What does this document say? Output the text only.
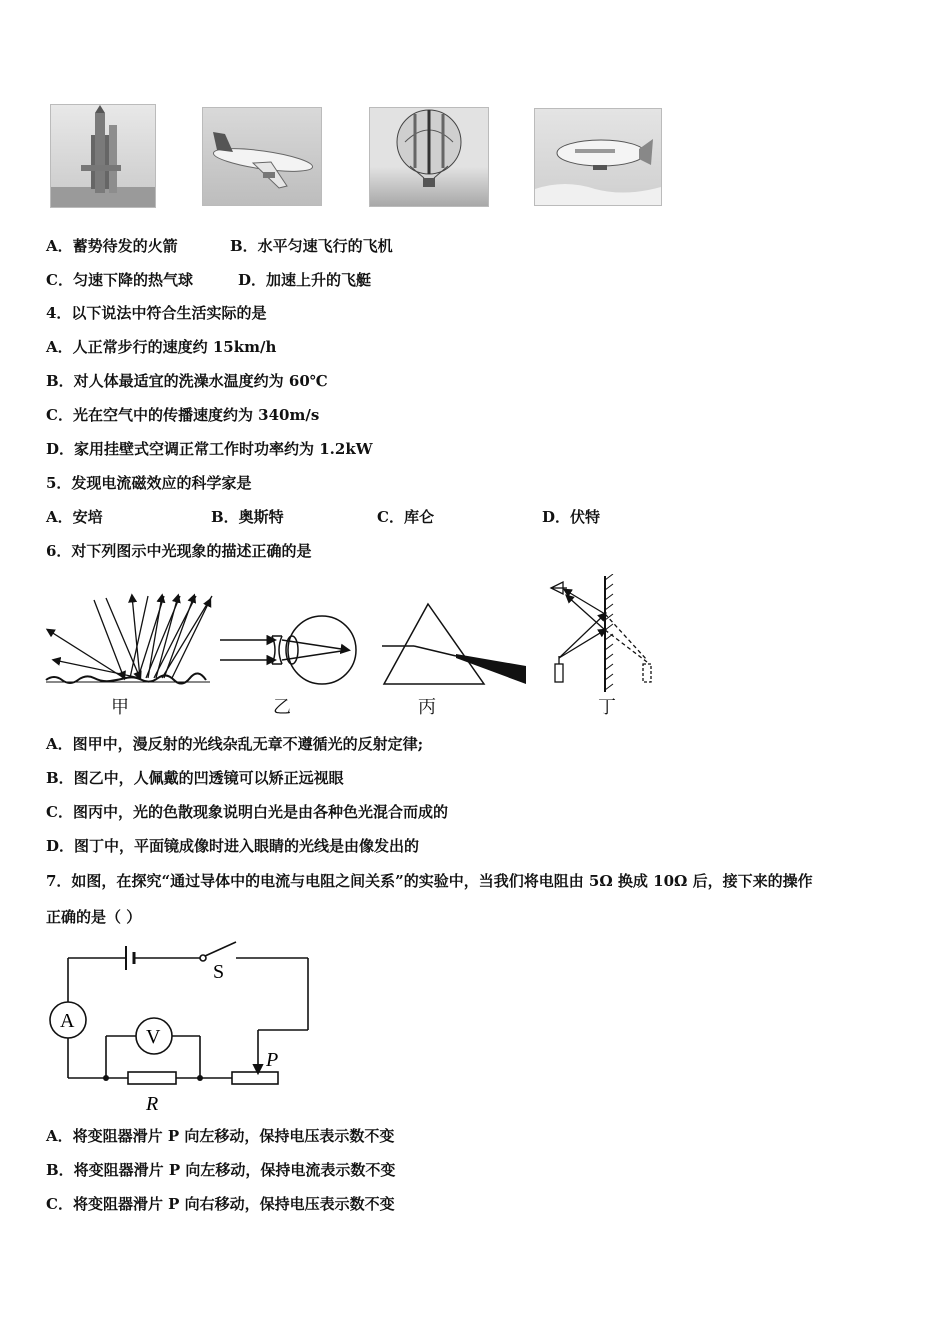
A．蓄势待发的火箭	B．水平匀速飞行的飞机
C．匀速下降的热气球	D．加速上升的飞艇
4．以下说法中符合生活实际的是
A．人正常步行的速度约 15km/h
B．对人体最适宜的洗澡水温度约为 60℃
C．光在空气中的传播速度约为 340m/s
D．家用挂壁式空调正常工作时功率约为 1.2kW
5．发现电流磁效应的科学家是
A．安培	B．奥斯特	C．库仑	D．伏特
6．对下列图示中光现象的描述正确的是
甲	乙	丙	丁
A．图甲中，漫反射的光线杂乱无章不遵循光的反射定律;
B．图乙中，人佩戴的凹透镜可以矫正远视眼
C．图丙中，光的色散现象说明白光是由各种色光混合而成的
D．图丁中，平面镜成像时进入眼睛的光线是由像发出的
7．如图，在探究“通过导体中的电流与电阻之间关系”的实验中，当我们将电阻由 5Ω 换成 10Ω 后，接下来的操作
正确的是（ ）
A
V
S
P
R
A．将变阻器滑片 P 向左移动，保持电压表示数不变
B．将变阻器滑片 P 向左移动，保持电流表示数不变
C．将变阻器滑片 P 向右移动，保持电压表示数不变
